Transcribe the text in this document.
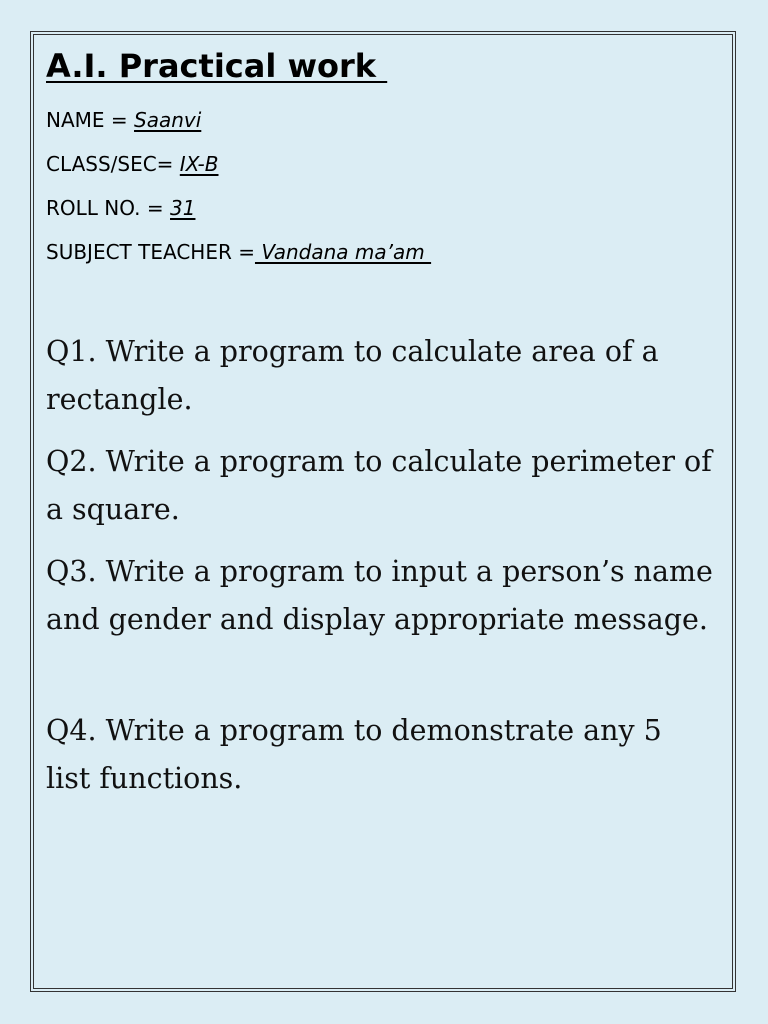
A.I. Practical work

NAME = Saanvi

CLASS/SEC= IX-B

ROLL NO. = 31

SUBJECT TEACHER = Vandana ma’am

Q1. Write a program to calculate area of a rectangle.

Q2. Write a program to calculate perimeter of a square.

Q3. Write a program to input a person’s name and gender and display appropriate message.

Q4. Write a program to demonstrate any 5 list functions.
